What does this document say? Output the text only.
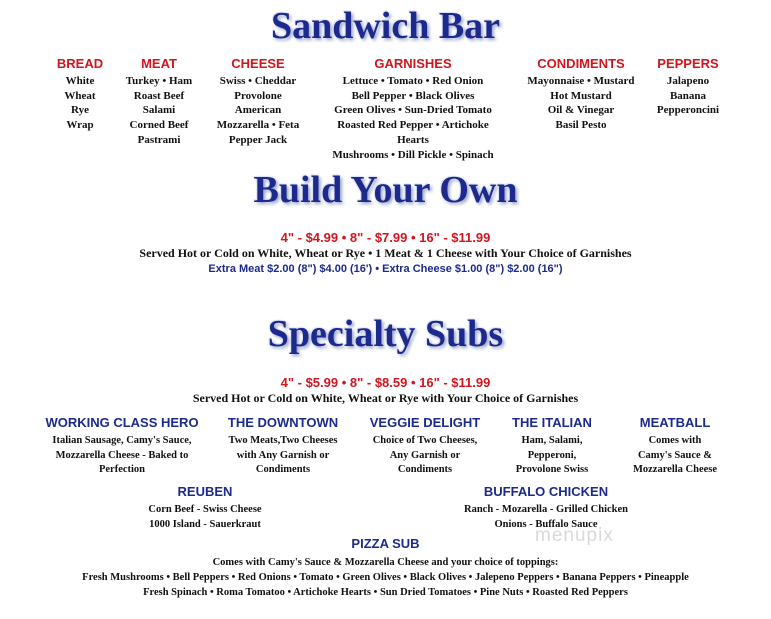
Sandwich Bar
BREAD
White
Wheat
Rye
Wrap
MEAT
Turkey • Ham
Roast Beef
Salami
Corned Beef
Pastrami
CHEESE
Swiss • Cheddar
Provolone
American
Mozzarella • Feta
Pepper Jack
GARNISHES
Lettuce • Tomato • Red Onion
Bell Pepper • Black Olives
Green Olives • Sun-Dried Tomato
Roasted Red Pepper • Artichoke
Hearts
Mushrooms • Dill Pickle • Spinach
CONDIMENTS
Mayonnaise • Mustard
Hot Mustard
Oil & Vinegar
Basil Pesto
PEPPERS
Jalapeno
Banana
Pepperoncini
Build Your Own
4" - $4.99 • 8" - $7.99 • 16" - $11.99
Served Hot or Cold on White, Wheat or Rye • 1 Meat & 1 Cheese with Your Choice of Garnishes
Extra Meat $2.00 (8") $4.00 (16') • Extra Cheese $1.00 (8") $2.00 (16")
Specialty Subs
4" - $5.99 • 8" - $8.59 • 16" - $11.99
Served Hot or Cold on White, Wheat or Rye with Your Choice of Garnishes
WORKING CLASS HERO
Italian Sausage, Camy's Sauce,
Mozzarella Cheese - Baked to
Perfection
THE DOWNTOWN
Two Meats,Two Cheeses
with Any Garnish or
Condiments
VEGGIE DELIGHT
Choice of Two Cheeses,
Any Garnish or
Condiments
THE ITALIAN
Ham, Salami,
Pepperoni,
Provolone Swiss
MEATBALL
Comes with
Camy's Sauce &
Mozzarella Cheese
REUBEN
Corn Beef - Swiss Cheese
1000 Island - Sauerkraut
BUFFALO CHICKEN
Ranch - Mozarella - Grilled Chicken
Onions - Buffalo Sauce
PIZZA SUB
Comes with Camy's Sauce & Mozzarella Cheese and your choice of toppings:
Fresh Mushrooms • Bell Peppers • Red Onions • Tomato • Green Olives • Black Olives • Jalepeno Peppers • Banana Peppers • Pineapple
Fresh Spinach • Roma Tomatoo • Artichoke Hearts • Sun Dried Tomatoes • Pine Nuts • Roasted Red Peppers
menupix
